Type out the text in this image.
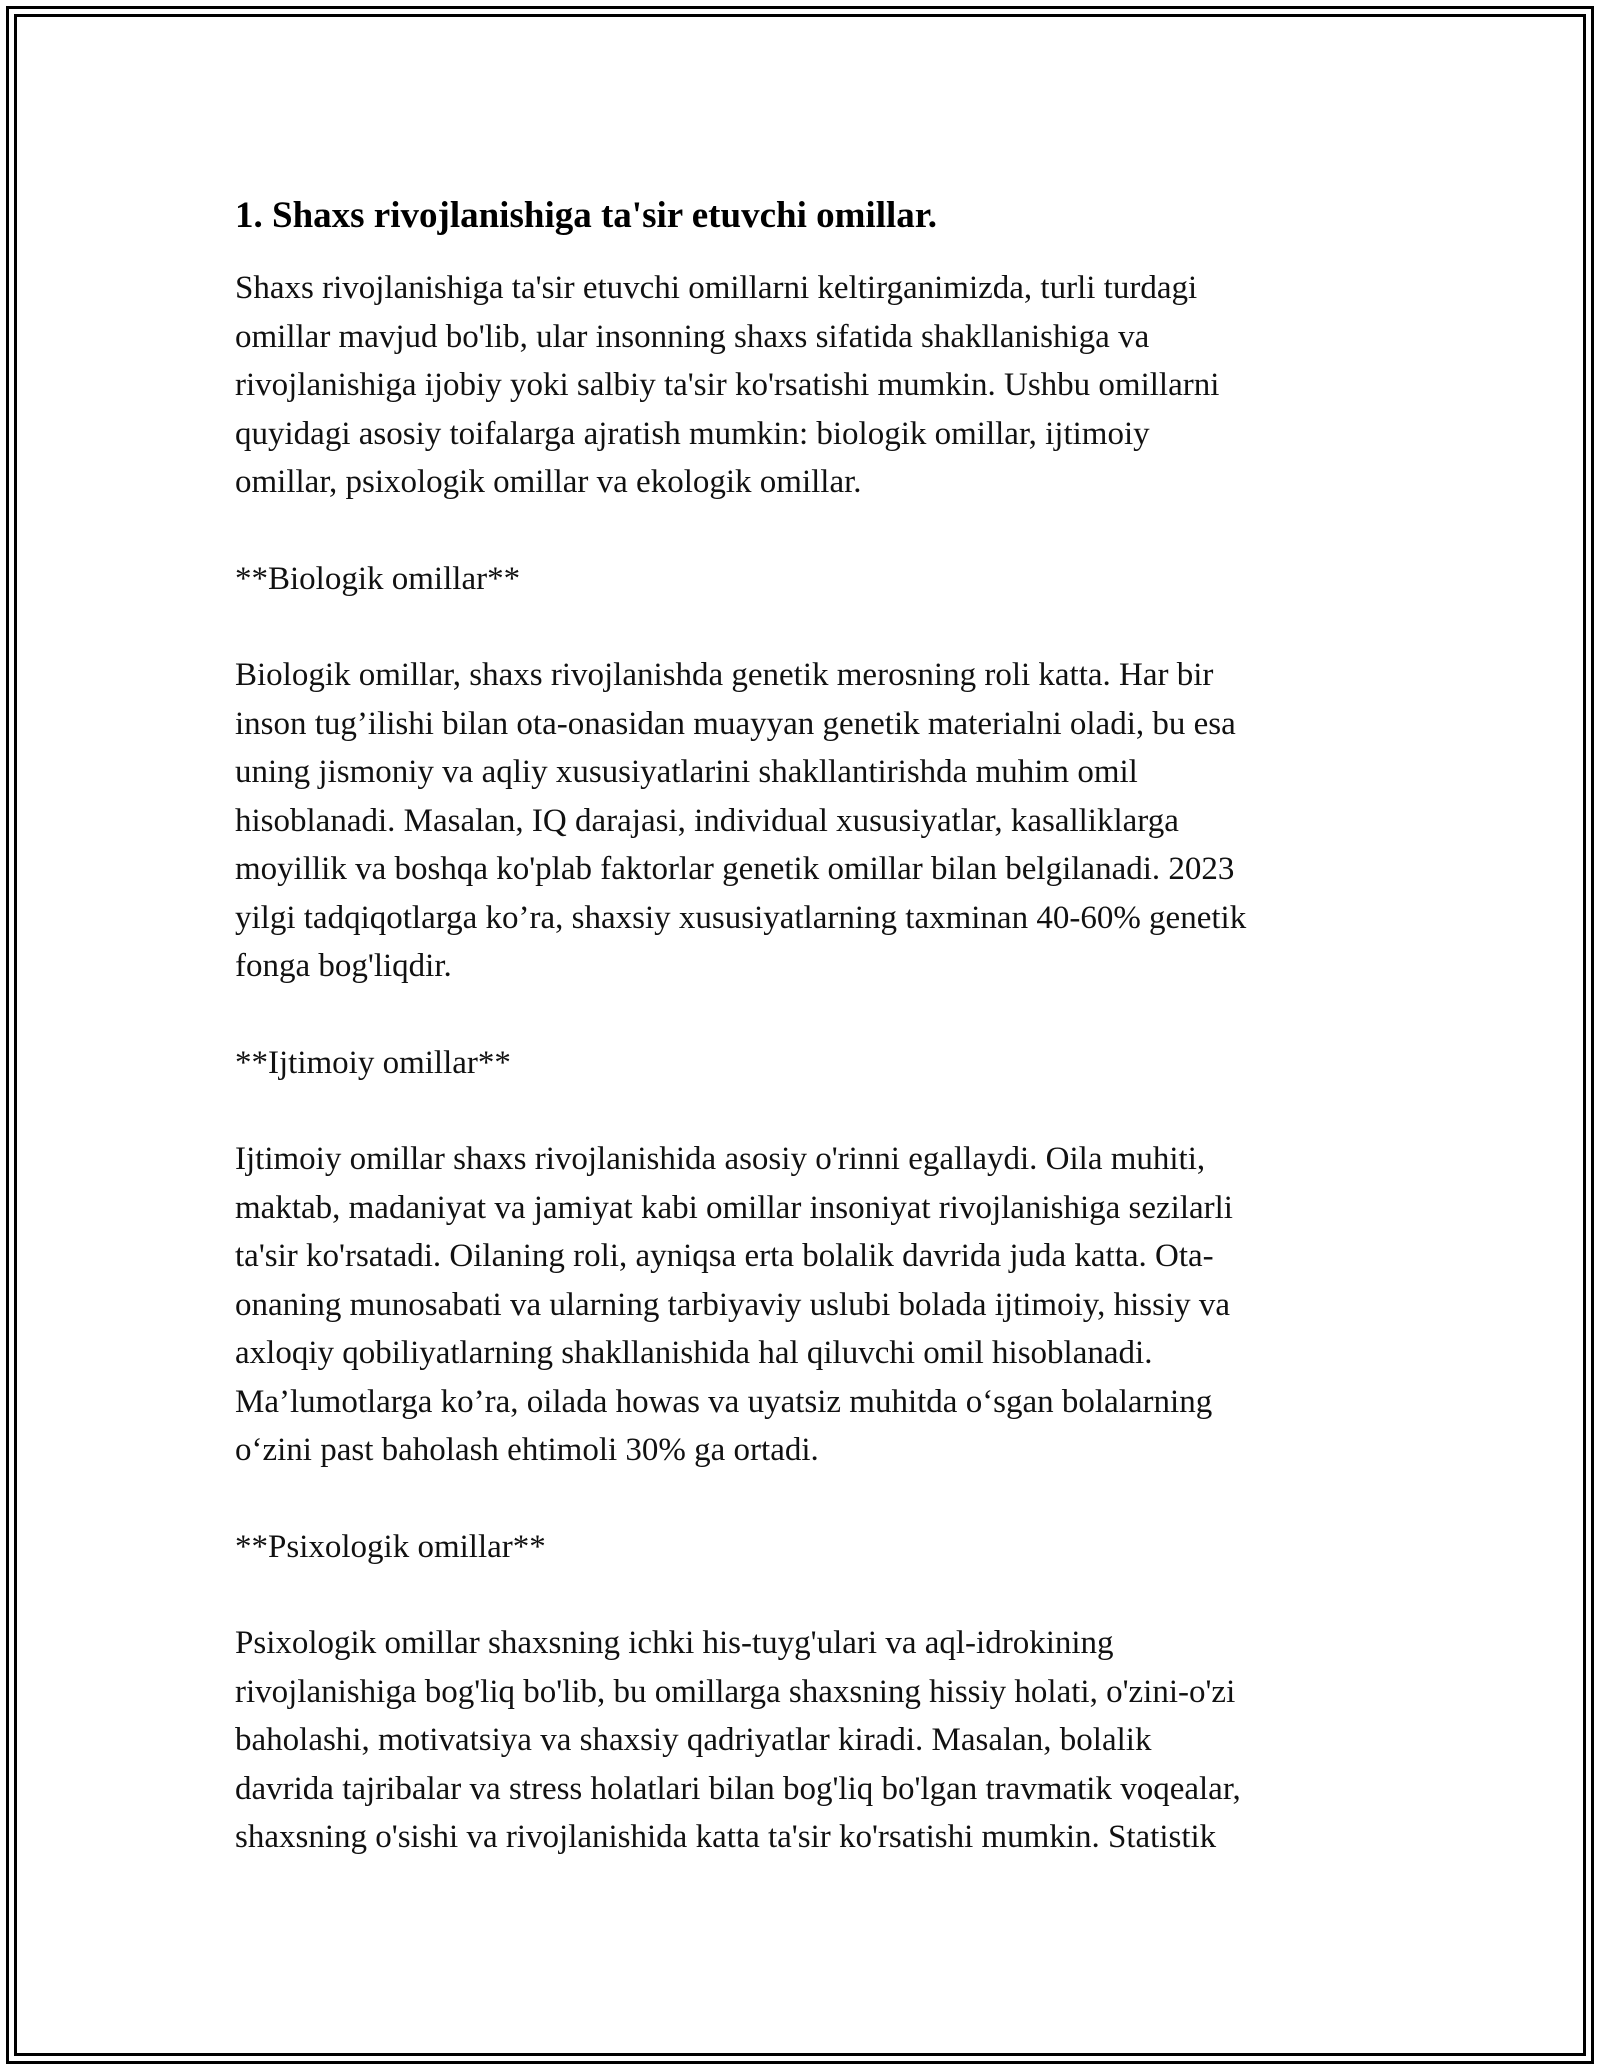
1. Shaxs rivojlanishiga ta'sir etuvchi omillar.

Shaxs rivojlanishiga ta'sir etuvchi omillarni keltirganimizda, turli turdagi
omillar mavjud bo'lib, ular insonning shaxs sifatida shakllanishiga va
rivojlanishiga ijobiy yoki salbiy ta'sir ko'rsatishi mumkin. Ushbu omillarni
quyidagi asosiy toifalarga ajratish mumkin: biologik omillar, ijtimoiy
omillar, psixologik omillar va ekologik omillar.

**Biologik omillar**

Biologik omillar, shaxs rivojlanishda genetik merosning roli katta. Har bir
inson tug’ilishi bilan ota-onasidan muayyan genetik materialni oladi, bu esa
uning jismoniy va aqliy xususiyatlarini shakllantirishda muhim omil
hisoblanadi. Masalan, IQ darajasi, individual xususiyatlar, kasalliklarga
moyillik va boshqa ko'plab faktorlar genetik omillar bilan belgilanadi. 2023
yilgi tadqiqotlarga ko’ra, shaxsiy xususiyatlarning taxminan 40-60% genetik
fonga bog'liqdir.

**Ijtimoiy omillar**

Ijtimoiy omillar shaxs rivojlanishida asosiy o'rinni egallaydi. Oila muhiti,
maktab, madaniyat va jamiyat kabi omillar insoniyat rivojlanishiga sezilarli
ta'sir ko'rsatadi. Oilaning roli, ayniqsa erta bolalik davrida juda katta. Ota-
onaning munosabati va ularning tarbiyaviy uslubi bolada ijtimoiy, hissiy va
axloqiy qobiliyatlarning shakllanishida hal qiluvchi omil hisoblanadi.
Ma’lumotlarga ko’ra, oilada howas va uyatsiz muhitda o‘sgan bolalarning
o‘zini past baholash ehtimoli 30% ga ortadi.

**Psixologik omillar**

Psixologik omillar shaxsning ichki his-tuyg'ulari va aql-idrokining
rivojlanishiga bog'liq bo'lib, bu omillarga shaxsning hissiy holati, o'zini-o'zi
baholashi, motivatsiya va shaxsiy qadriyatlar kiradi. Masalan, bolalik
davrida tajribalar va stress holatlari bilan bog'liq bo'lgan travmatik voqealar,
shaxsning o'sishi va rivojlanishida katta ta'sir ko'rsatishi mumkin. Statistik
